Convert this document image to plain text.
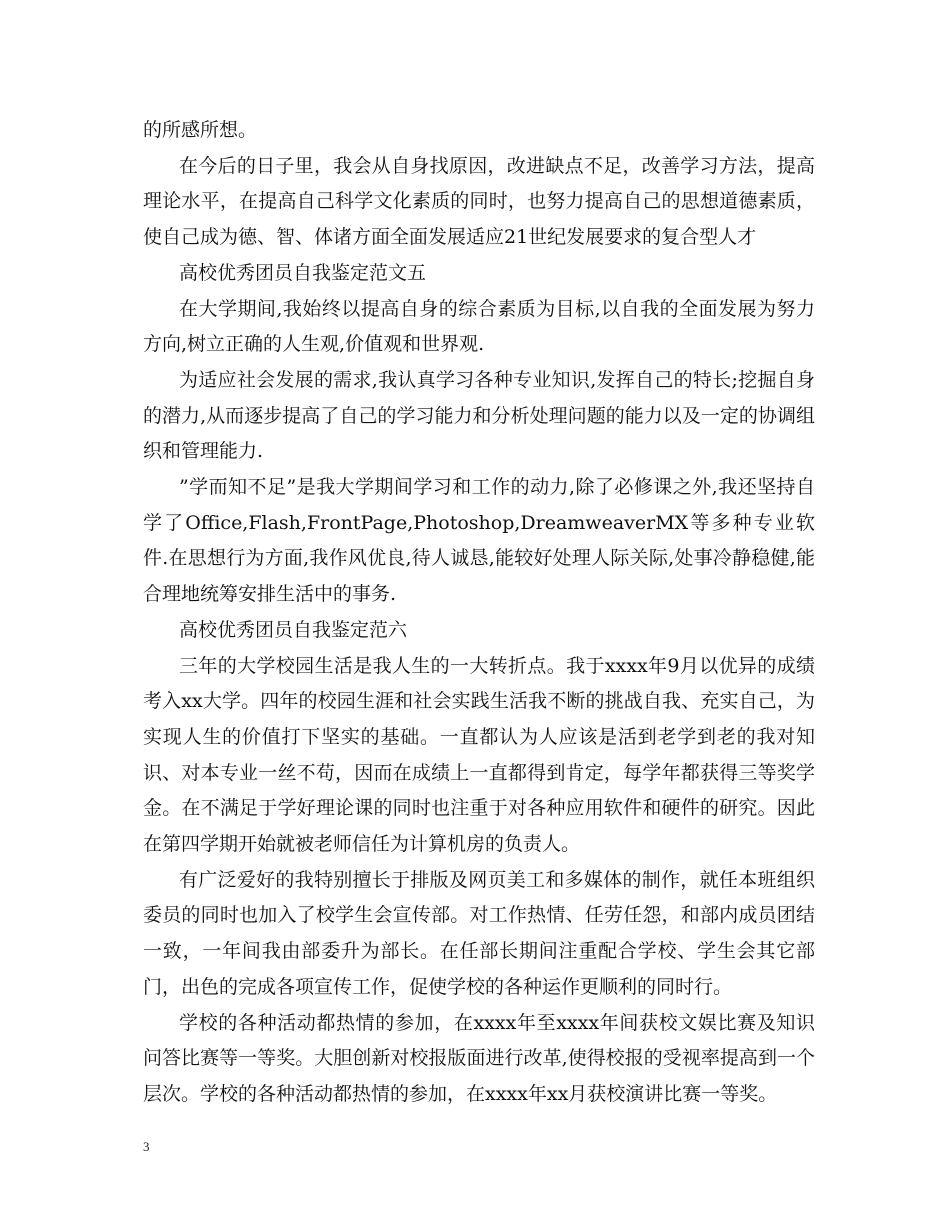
的所感所想。

在今后的日子里，我会从自身找原因，改进缺点不足，改善学习方法，提高理论水平，在提高自己科学文化素质的同时，也努力提高自己的思想道德素质，使自己成为德、智、体诸方面全面发展适应21世纪发展要求的复合型人才

高校优秀团员自我鉴定范文五

在大学期间,我始终以提高自身的综合素质为目标,以自我的全面发展为努力方向,树立正确的人生观,价值观和世界观.

为适应社会发展的需求,我认真学习各种专业知识,发挥自己的特长;挖掘自身的潜力,从而逐步提高了自己的学习能力和分析处理问题的能力以及一定的协调组织和管理能力.

”学而知不足”是我大学期间学习和工作的动力,除了必修课之外,我还坚持自学了Office,Flash,FrontPage,Photoshop,DreamweaverMX等多种专业软件.在思想行为方面,我作风优良,待人诚恳,能较好处理人际关际,处事冷静稳健,能合理地统筹安排生活中的事务.

高校优秀团员自我鉴定范六

三年的大学校园生活是我人生的一大转折点。我于xxxx年9月以优异的成绩考入xx大学。四年的校园生涯和社会实践生活我不断的挑战自我、充实自己，为实现人生的价值打下坚实的基础。一直都认为人应该是活到老学到老的我对知识、对本专业一丝不苟，因而在成绩上一直都得到肯定，每学年都获得三等奖学金。在不满足于学好理论课的同时也注重于对各种应用软件和硬件的研究。因此在第四学期开始就被老师信任为计算机房的负责人。

有广泛爱好的我特别擅长于排版及网页美工和多媒体的制作，就任本班组织委员的同时也加入了校学生会宣传部。对工作热情、任劳任怨，和部内成员团结一致，一年间我由部委升为部长。在任部长期间注重配合学校、学生会其它部门，出色的完成各项宣传工作，促使学校的各种运作更顺利的同时行。

学校的各种活动都热情的参加，在xxxx年至xxxx年间获校文娱比赛及知识问答比赛等一等奖。大胆创新对校报版面进行改革,使得校报的受视率提高到一个层次。学校的各种活动都热情的参加，在xxxx年xx月获校演讲比赛一等奖。

3
